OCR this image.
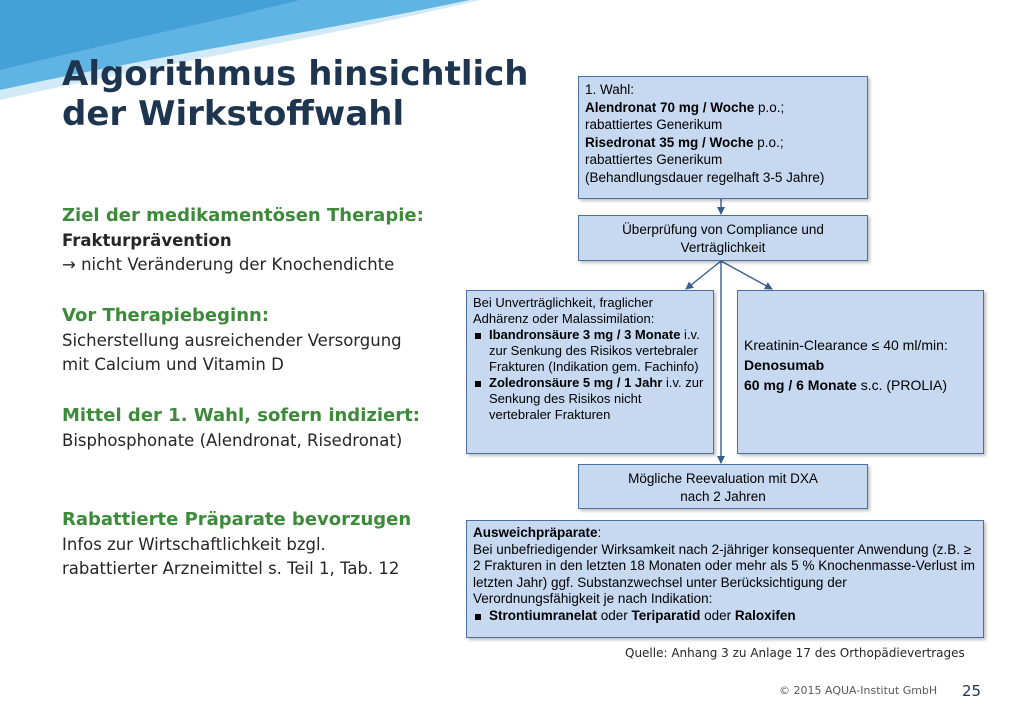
Algorithmus hinsichtlich
der Wirkstoffwahl
Ziel der medikamentösen Therapie:
Frakturprävention
→ nicht Veränderung der Knochendichte
Vor Therapiebeginn:
Sicherstellung ausreichender Versorgung
mit Calcium und Vitamin D
Mittel der 1. Wahl, sofern indiziert:
Bisphosphonate (Alendronat, Risedronat)
Rabattierte Präparate bevorzugen
Infos zur Wirtschaftlichkeit bzgl.
rabattierter Arzneimittel s. Teil 1, Tab. 12
1. Wahl:
Alendronat 70 mg / Woche p.o.;
rabattiertes Generikum
Risedronat 35 mg / Woche p.o.;
rabattiertes Generikum
(Behandlungsdauer regelhaft 3-5 Jahre)
Überprüfung von Compliance und
Verträglichkeit
Bei Unverträglichkeit, fraglicher
Adhärenz oder Malassimilation:
Ibandronsäure 3 mg / 3 Monate i.v. zur Senkung des Risikos vertebraler Frakturen (Indikation gem. Fachinfo)
Zoledronsäure 5 mg / 1 Jahr i.v. zur Senkung des Risikos nicht vertebraler Frakturen
Kreatinin-Clearance ≤ 40 ml/min:
Denosumab
60 mg / 6 Monate s.c. (PROLIA)
Mögliche Reevaluation mit DXA
nach 2 Jahren
Ausweichpräparate:
Bei unbefriedigender Wirksamkeit nach 2-jähriger konsequenter Anwendung (z.B. ≥ 2 Frakturen in den letzten 18 Monaten oder mehr als 5 % Knochenmasse-Verlust im letzten Jahr) ggf. Substanzwechsel unter Berücksichtigung der Verordnungsfähigkeit je nach Indikation:
Strontiumranelat oder Teriparatid oder Raloxifen
Quelle: Anhang 3 zu Anlage 17 des Orthopädievertrages
© 2015 AQUA-Institut GmbH 25
